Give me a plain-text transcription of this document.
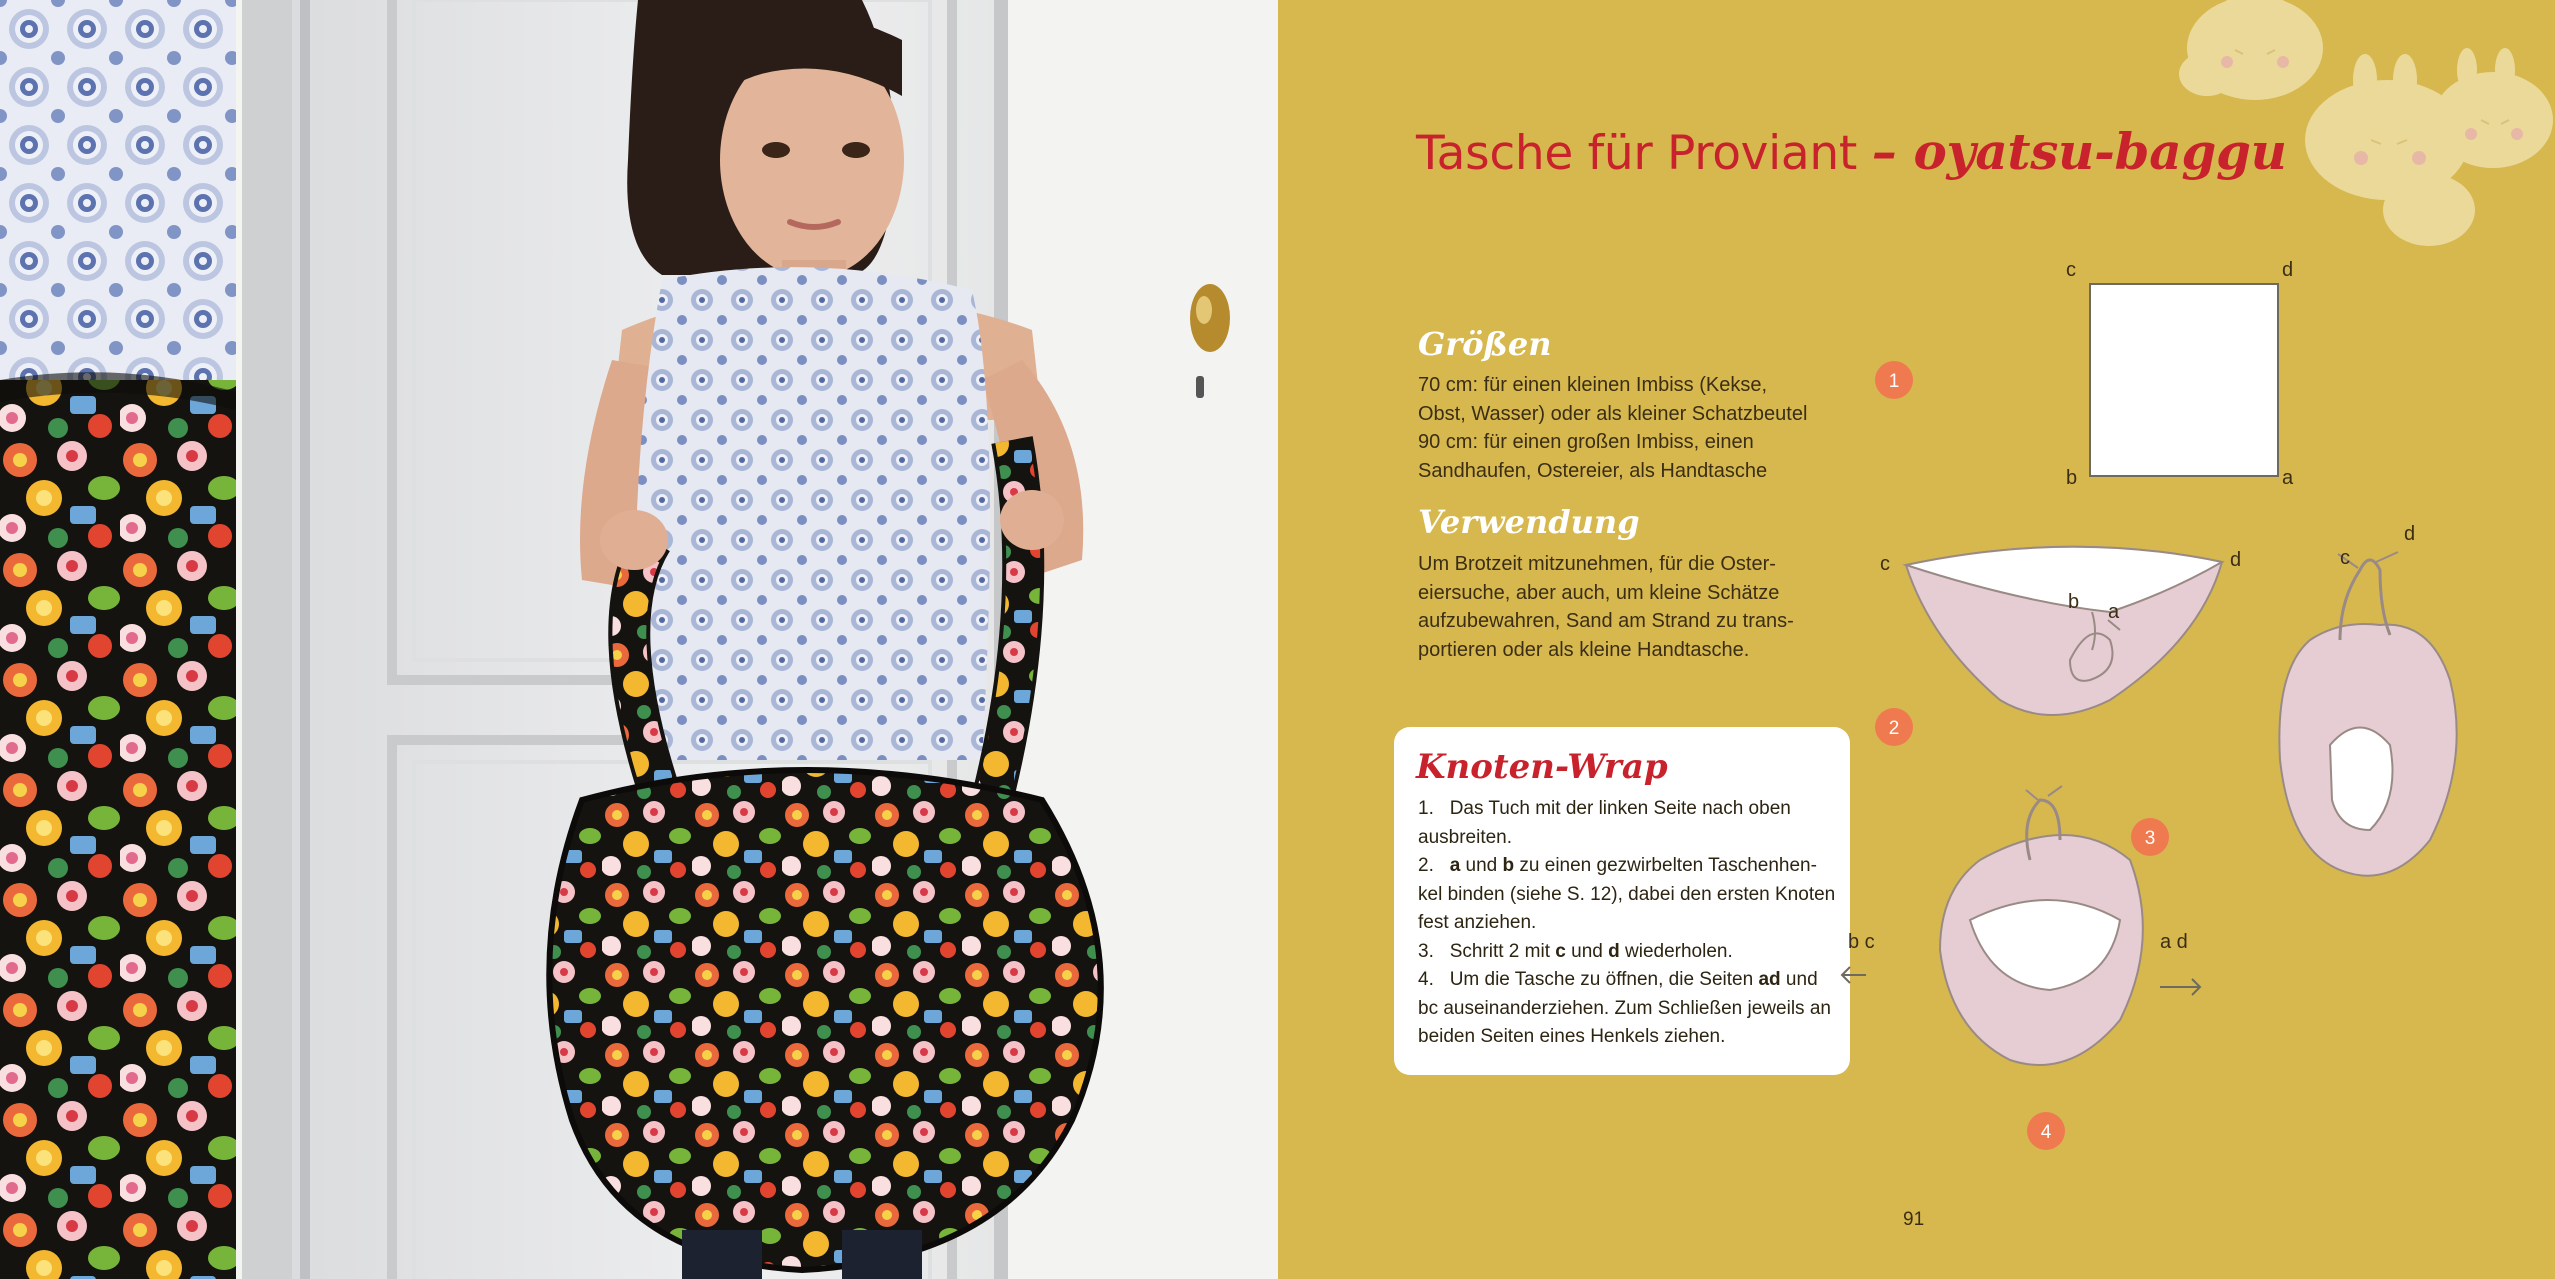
Tasche für Proviant – oyatsu-baggu
Größen
70 cm: für einen kleinen Imbiss (Kekse,
Obst, Wasser) oder als kleiner Schatzbeutel
90 cm: für einen großen Imbiss, einen
Sandhaufen, Ostereier, als Handtasche
Verwendung
Um Brotzeit mitzunehmen, für die Oster-
eiersuche, aber auch, um kleine Schätze
aufzubewahren, Sand am Strand zu trans-
portieren oder als kleine Handtasche.
Knoten-Wrap
1.   Das Tuch mit der linken Seite nach oben
ausbreiten.
2.   a und b zu einen gezwirbelten Taschenhen-
kel binden (siehe S. 12), dabei den ersten Knoten
fest anziehen.
3.   Schritt 2 mit c und d wiederholen.
4.   Um die Tasche zu öffnen, die Seiten ad und
bc auseinanderziehen. Zum Schließen jeweils an
beiden Seiten eines Henkels ziehen.
c	d
b	a
c	d
b a
c
d
b c	a d
1
2
3
4
91
